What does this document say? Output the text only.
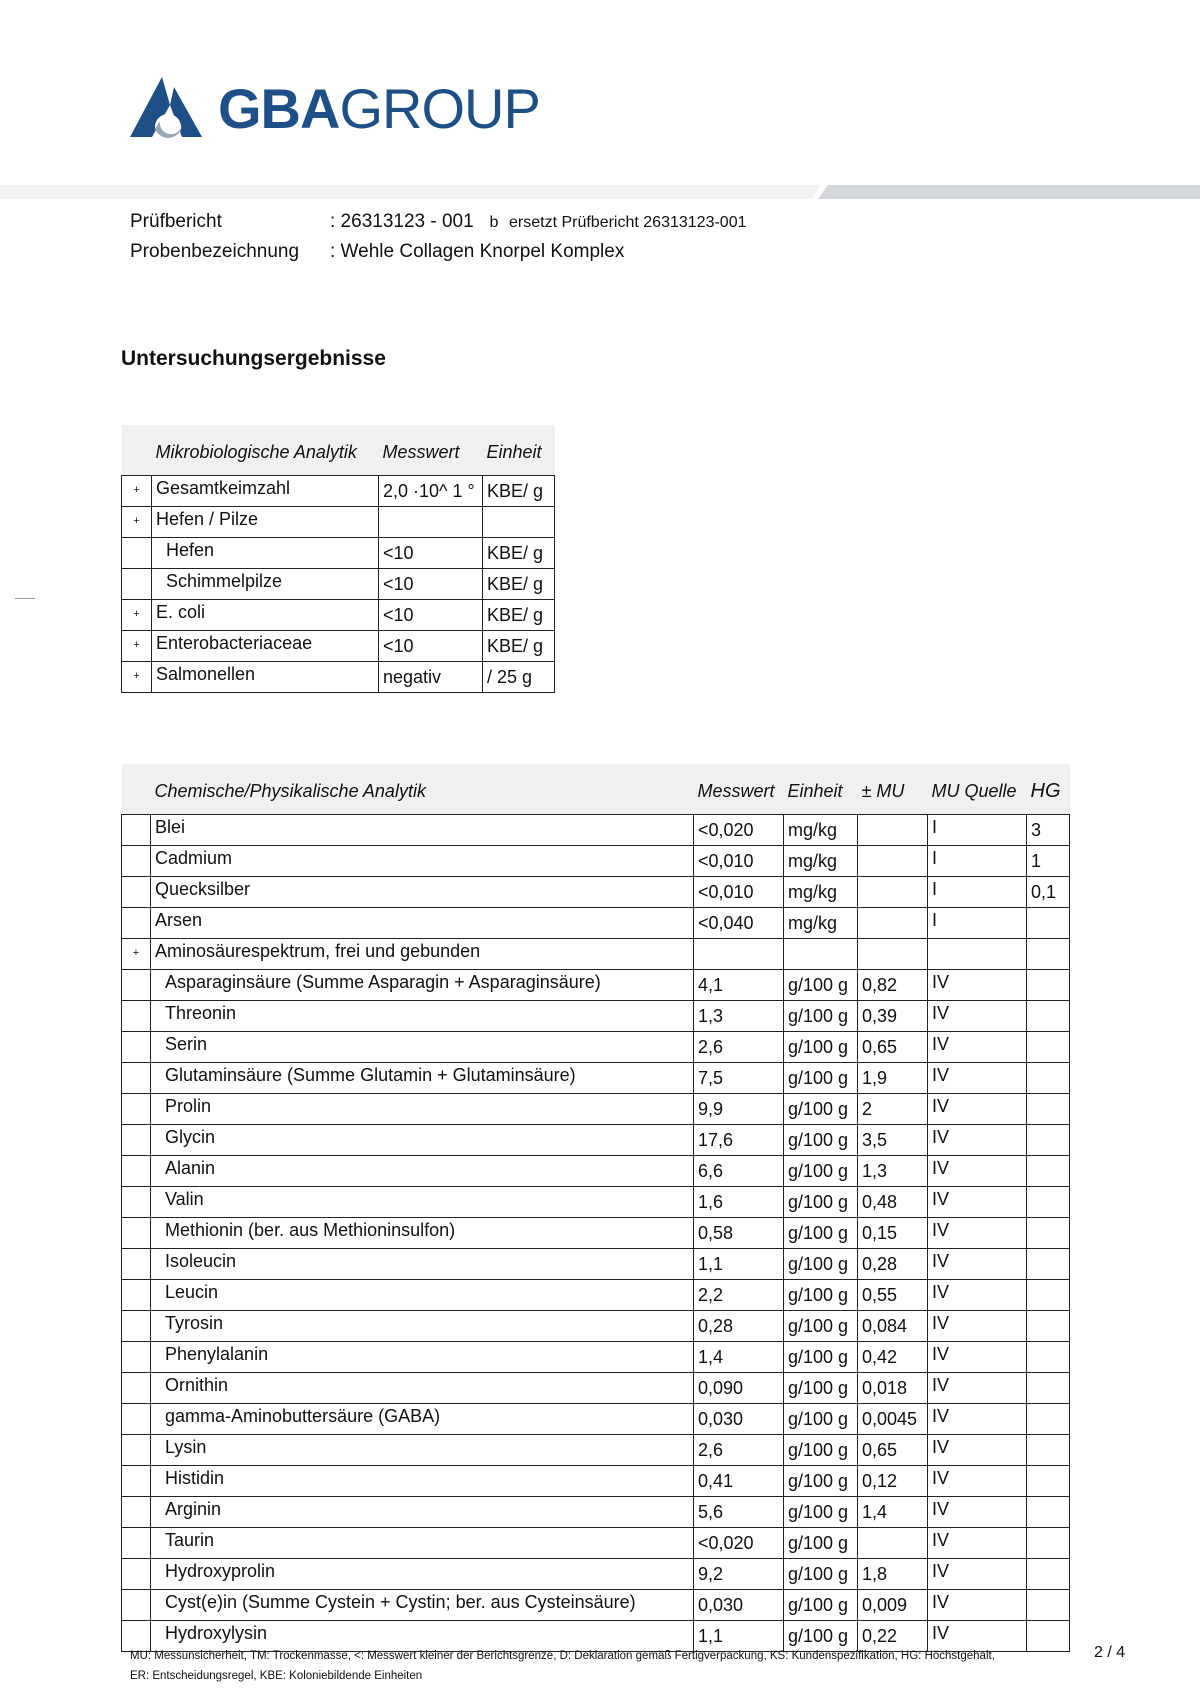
GBAGROUP
Prüfbericht	: 26313123 - 001 b ersetzt Prüfbericht 26313123-001
Probenbezeichnung : Wehle Collagen Knorpel Komplex
Untersuchungsergebnisse
	Mikrobiologische Analytik	Messwert	Einheit
+	Gesamtkeimzahl	2,0 ·10^ 1 °	KBE/ g
+	Hefen / Pilze		
	Hefen	<10	KBE/ g
	Schimmelpilze	<10	KBE/ g
+	E. coli	<10	KBE/ g
+	Enterobacteriaceae	<10	KBE/ g
+	Salmonellen	negativ	/ 25 g
	Chemische/Physikalische Analytik	Messwert	Einheit	± MU	MU Quelle	HG
	Blei	<0,020	mg/kg		I	3
	Cadmium	<0,010	mg/kg		I	1
	Quecksilber	<0,010	mg/kg		I	0,1
	Arsen	<0,040	mg/kg		I	
+	Aminosäurespektrum, frei und gebunden					
	Asparaginsäure (Summe Asparagin + Asparaginsäure)	4,1	g/100 g	0,82	IV	
	Threonin	1,3	g/100 g	0,39	IV	
	Serin	2,6	g/100 g	0,65	IV	
	Glutaminsäure (Summe Glutamin + Glutaminsäure)	7,5	g/100 g	1,9	IV	
	Prolin	9,9	g/100 g	2	IV	
	Glycin	17,6	g/100 g	3,5	IV	
	Alanin	6,6	g/100 g	1,3	IV	
	Valin	1,6	g/100 g	0,48	IV	
	Methionin (ber. aus Methioninsulfon)	0,58	g/100 g	0,15	IV	
	Isoleucin	1,1	g/100 g	0,28	IV	
	Leucin	2,2	g/100 g	0,55	IV	
	Tyrosin	0,28	g/100 g	0,084	IV	
	Phenylalanin	1,4	g/100 g	0,42	IV	
	Ornithin	0,090	g/100 g	0,018	IV	
	gamma-Aminobuttersäure (GABA)	0,030	g/100 g	0,0045	IV	
	Lysin	2,6	g/100 g	0,65	IV	
	Histidin	0,41	g/100 g	0,12	IV	
	Arginin	5,6	g/100 g	1,4	IV	
	Taurin	<0,020	g/100 g		IV	
	Hydroxyprolin	9,2	g/100 g	1,8	IV	
	Cyst(e)in (Summe Cystein + Cystin; ber. aus Cysteinsäure)	0,030	g/100 g	0,009	IV	
	Hydroxylysin	1,1	g/100 g	0,22	IV	
MU: Messunsicherheit, TM: Trockenmasse, <: Messwert kleiner der Berichtsgrenze, D: Deklaration gemäß Fertigverpackung, KS: Kundenspezifikation, HG: Höchstgehalt,
ER: Entscheidungsregel, KBE: Koloniebildende Einheiten
2 / 4
